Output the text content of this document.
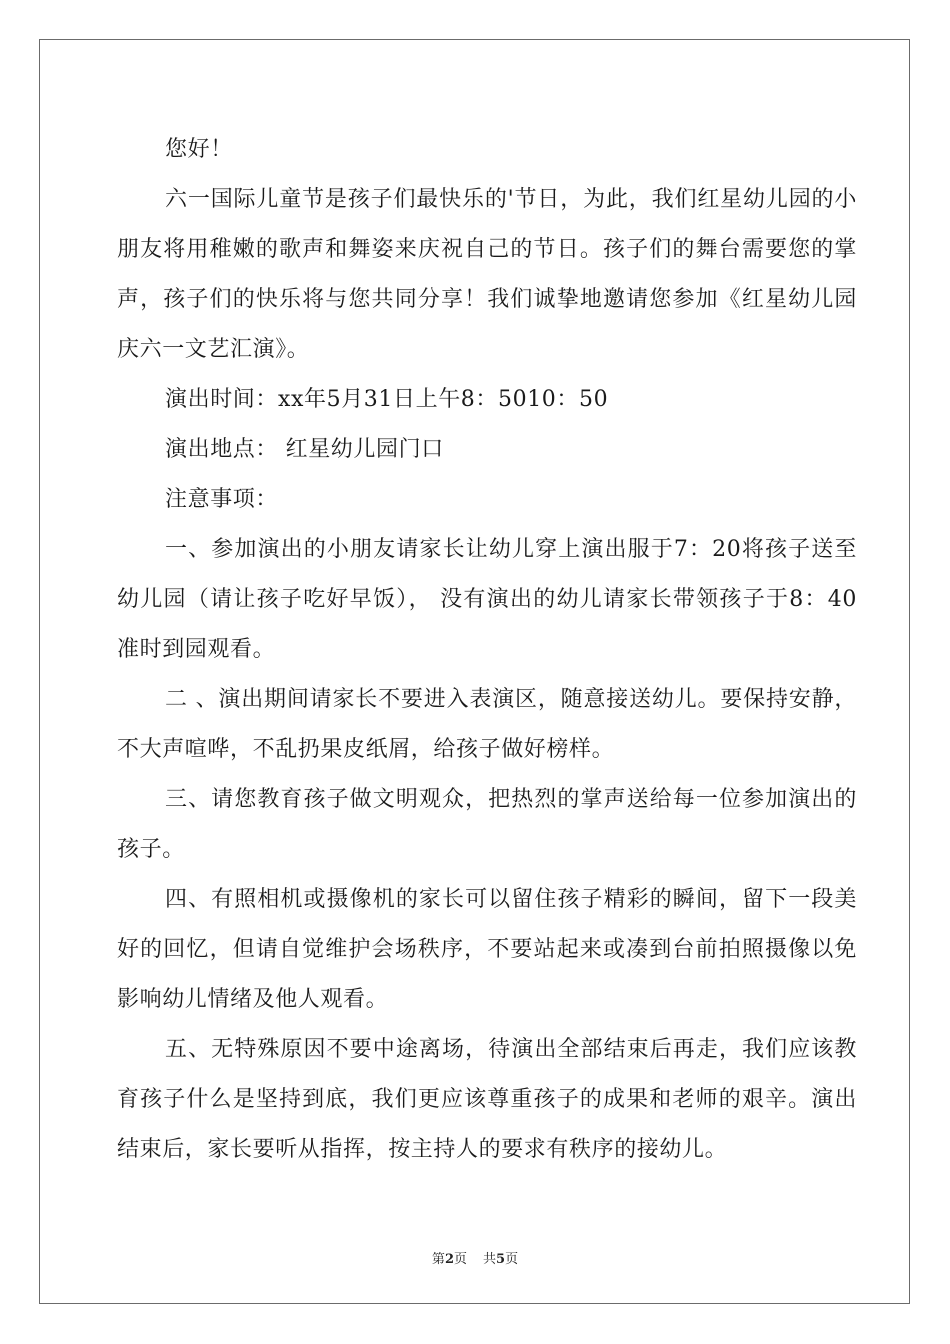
您好！

六一国际儿童节是孩子们最快乐的'节日，为此，我们红星幼儿园的小朋友将用稚嫩的歌声和舞姿来庆祝自己的节日。孩子们的舞台需要您的掌声，孩子们的快乐将与您共同分享！我们诚挚地邀请您参加《红星幼儿园庆六一文艺汇演》。

演出时间：xx年5月31日上午8：5010：50

演出地点： 红星幼儿园门口

注意事项：

一、参加演出的小朋友请家长让幼儿穿上演出服于7：20将孩子送至幼儿园（请让孩子吃好早饭）， 没有演出的幼儿请家长带领孩子于8：40准时到园观看。

二 、演出期间请家长不要进入表演区，随意接送幼儿。要保持安静，不大声喧哗，不乱扔果皮纸屑，给孩子做好榜样。

三、请您教育孩子做文明观众，把热烈的掌声送给每一位参加演出的孩子。

四、有照相机或摄像机的家长可以留住孩子精彩的瞬间，留下一段美好的回忆，但请自觉维护会场秩序，不要站起来或凑到台前拍照摄像以免影响幼儿情绪及他人观看。

五、无特殊原因不要中途离场，待演出全部结束后再走，我们应该教育孩子什么是坚持到底，我们更应该尊重孩子的成果和老师的艰辛。演出结束后，家长要听从指挥，按主持人的要求有秩序的接幼儿。

第2页 共5页
